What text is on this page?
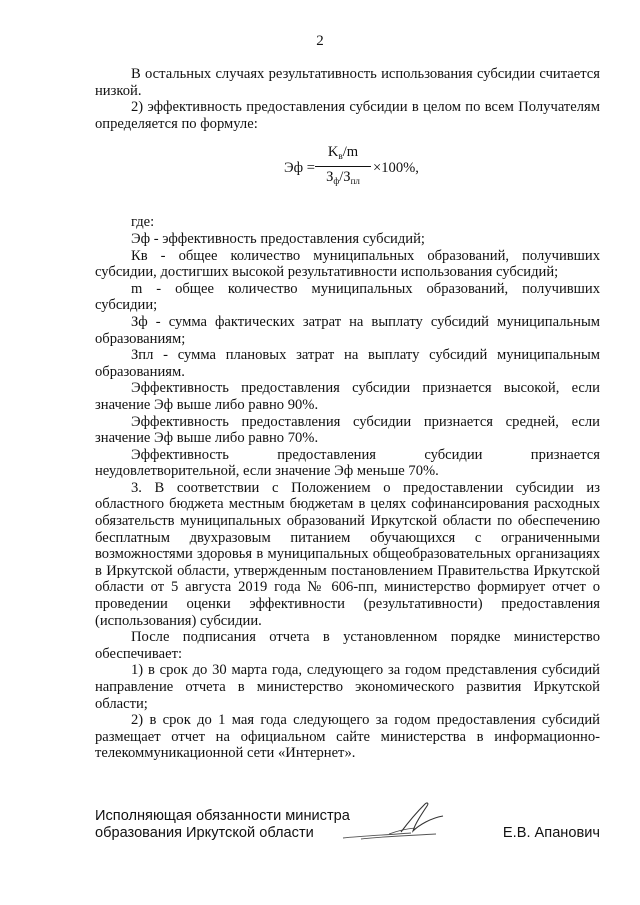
2

В остальных случаях результативность использования субсидии считается низкой.

2) эффективность предоставления субсидии в целом по всем Получателям определяется по формуле:

Эф =
$K_в/m$
$З_ф/З_{пл}$
×100%,

где:

Эф - эффективность предоставления субсидий;

Кв - общее количество муниципальных образований, получивших субсидии, достигших высокой результативности использования субсидий;

m - общее количество муниципальных образований, получивших субсидии;

Зф - сумма фактических затрат на выплату субсидий муниципальным образованиям;

Зпл - сумма плановых затрат на выплату субсидий муниципальным образованиям.

Эффективность предоставления субсидии признается высокой, если значение Эф выше либо равно 90%.

Эффективность предоставления субсидии признается средней, если значение Эф выше либо равно 70%.

Эффективность предоставления субсидии признается неудовлетворительной, если значение Эф меньше 70%.

3. В соответствии с Положением о предоставлении субсидии из областного бюджета местным бюджетам в целях софинансирования расходных обязательств муниципальных образований Иркутской области по обеспечению бесплатным двухразовым питанием обучающихся с ограниченными возможностями здоровья в муниципальных общеобразовательных организациях в Иркутской области, утвержденным постановлением Правительства Иркутской области от 5 августа 2019 года № 606-пп, министерство формирует отчет о проведении оценки эффективности (результативности) предоставления (использования) субсидии.

После подписания отчета в установленном порядке министерство обеспечивает:

1) в срок до 30 марта года, следующего за годом представления субсидий направление отчета в министерство экономического развития Иркутской области;

2) в срок до 1 мая года следующего за годом предоставления субсидий размещает отчет на официальном сайте министерства в информационно-телекоммуникационной сети «Интернет».

Исполняющая обязанности министра
образования Иркутской области	Е.В. Апанович
